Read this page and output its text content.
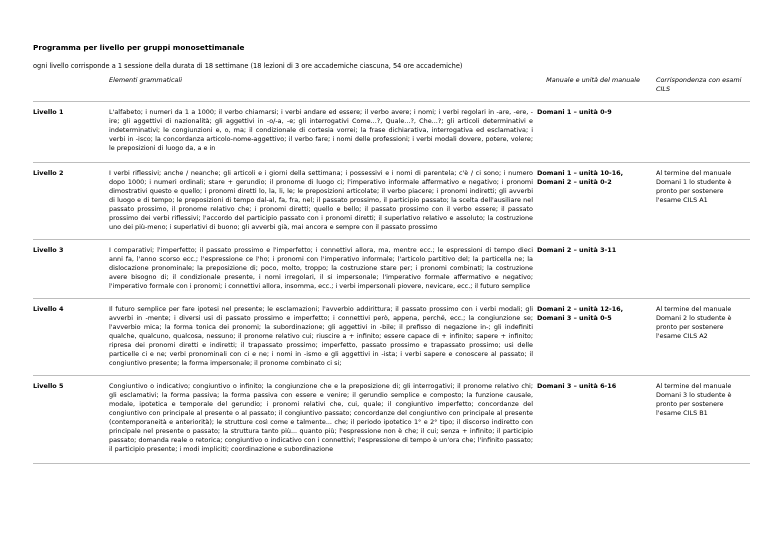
Programma per livello per gruppi monosettimanale
ogni livello corrisponde a 1 sessione della durata di 18 settimane (18 lezioni di 3 ore accademiche ciascuna, 54 ore accademiche)
	Elementi grammaticali	Manuale e unità del manuale	Corrispondenza con esami CILS
Livello 1	L'alfabeto; i numeri da 1 a 1000; il verbo chiamarsi; i verbi andare ed essere; il verbo avere; i nomi; i verbi regolari in -are, -ere, -ire; gli aggettivi di nazionalità; gli aggettivi in -o/-a, -e; gli interrogativi Come...?, Quale...?, Che...?; gli articoli determinativi e indeterminativi; le congiunzioni e, o, ma; il condizionale di cortesia vorrei; la frase dichiarativa, interrogativa ed esclamativa; i verbi in -isco; la concordanza articolo-nome-aggettivo; il verbo fare; i nomi delle professioni; i verbi modali dovere, potere, volere; le preposizioni di luogo da, a e in	Domani 1 – unità 0-9	

Livello 2	I verbi riflessivi; anche / neanche; gli articoli e i giorni della settimana; i possessivi e i nomi di parentela; c'è / ci sono; i numero dopo 1000; i numeri ordinali; stare + gerundio; il pronome di luogo ci; l'imperativo informale affermativo e negativo; i pronomi dimostrativi questo e quello; i pronomi diretti lo, la, li, le; le preposizioni articolate; il verbo piacere; i pronomi indiretti; gli avverbi di luogo e di tempo; le preposizioni di tempo dal-al, fa, fra, nel; il passato prossimo, il participio passato; la scelta dell'ausiliare nel passato prossimo, il pronome relativo che; i pronomi diretti; quello e bello; il passato prossimo con il verbo essere; il passato prossimo dei verbi riflessivi; l'accordo del participio passato con i pronomi diretti; il superlativo relativo e assoluto; la costruzione uno dei più-meno; i superlativi di buono; gli avverbi già, mai ancora e sempre con il passato prossimo	Domani 1 – unità 10-16,
Domani 2 – unità 0-2	Al termine del manuale Domani 1 lo studente è pronto per sostenere l'esame CILS A1
Livello 3	I comparativi; l'imperfetto; il passato prossimo e l'imperfetto; i connettivi allora, ma, mentre ecc.; le espressioni di tempo dieci anni fa, l'anno scorso ecc.; l'espressione ce l'ho; i pronomi con l'imperativo informale; l'articolo partitivo del; la particella ne; la dislocazione pronominale; la preposizione di; poco, molto, troppo; la costruzione stare per; i pronomi combinati; la costruzione avere bisogno di; il condizionale presente, i nomi irregolari, il si impersonale; l'imperativo formale affermativo e negativo; l'imperativo formale con i pronomi; i connettivi allora, insomma, ecc.; i verbi impersonali piovere, nevicare, ecc.; il futuro semplice	Domani 2 – unità 3-11	

Livello 4	Il futuro semplice per fare ipotesi nel presente; le esclamazioni; l'avverbio addirittura; il passato prossimo con i verbi modali; gli avverbi in -mente; i diversi usi di passato prossimo e imperfetto; i connettivi però, appena, perché, ecc.; la congiunzione se; l'avverbio mica; la forma tonica dei pronomi; la subordinazione; gli aggettivi in -bile; il prefisso di negazione in-; gli indefiniti qualche, qualcuno, qualcosa, nessuno; il pronome relativo cui; riuscire a + infinito; essere capace di + infinito; sapere + infinito; ripresa dei pronomi diretti e indiretti; il trapassato prossimo; imperfetto, passato prossimo e trapassato prossimo; usi delle particelle ci e ne; verbi pronominali con ci e ne; i nomi in -ismo e gli aggettivi in -ista; i verbi sapere e conoscere al passato; il congiuntivo presente; la forma impersonale; il pronome combinato ci si;	Domani 2 – unità 12-16,
Domani 3 – unità 0-5	Al termine del manuale Domani 2 lo studente è pronto per sostenere l'esame CILS A2
Livello 5	Congiuntivo o indicativo; congiuntivo o infinito; la congiunzione che e la preposizione di; gli interrogativi; il pronome relativo chi; gli esclamativi; la forma passiva; la forma passiva con essere e venire; il gerundio semplice e composto; la funzione causale, modale, ipotetica e temporale del gerundio; i pronomi relativi che, cui, quale; il congiuntivo imperfetto; concordanze del congiuntivo con principale al presente o al passato; il congiuntivo passato; concordanze del congiuntivo con principale al presente (contemporaneità e anteriorità); le strutture così come e talmente... che; il periodo ipotetico 1° e 2° tipo; il discorso indiretto con principale nel presente o passato; la struttura tanto più... quanto più; l'espressione non è che; il cui; senza + infinito; il participio passato; domanda reale o retorica; congiuntivo o indicativo con i connettivi; l'espressione di tempo è un'ora che; l'infinito passato; il participio presente; i modi impliciti; coordinazione e subordinazione	Domani 3 – unità 6-16	Al termine del manuale Domani 3 lo studente è pronto per sostenere l'esame CILS B1
